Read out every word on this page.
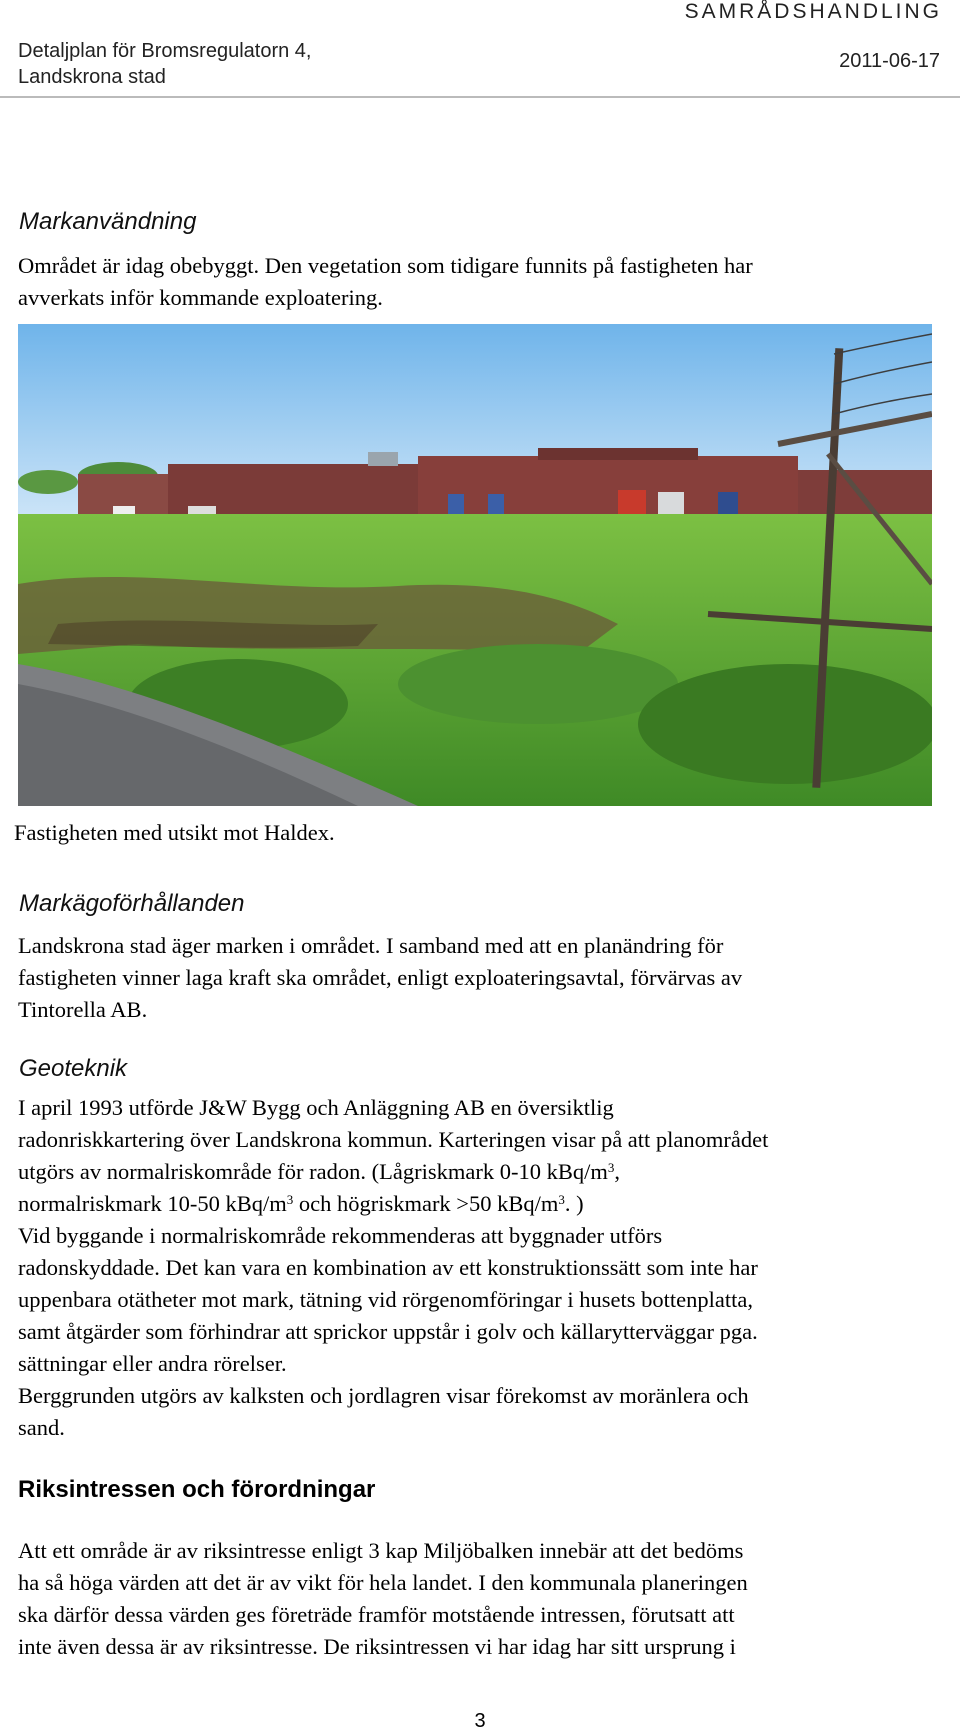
SAMRÅDSHANDLING
Detaljplan för Bromsregulatorn 4,
Landskrona stad
2011-06-17
Markanvändning
Området är idag obebyggt. Den vegetation som tidigare funnits på fastigheten har
avverkats inför kommande exploatering.
Fastigheten med utsikt mot Haldex.
Markägoförhållanden
Landskrona stad äger marken i området. I samband med att en planändring för
fastigheten vinner laga kraft ska området, enligt exploateringsavtal, förvärvas av
Tintorella AB.
Geoteknik
I april 1993 utförde J&W Bygg och Anläggning AB en översiktlig
radonriskkartering över Landskrona kommun. Karteringen visar på att planområdet
utgörs av normalriskområde för radon. (Lågriskmark 0-10 kBq/$m^3$,
normalriskmark 10-50 kBq/$m^3$ och högriskmark >50 kBq/$m^3$. )
Vid byggande i normalriskområde rekommenderas att byggnader utförs
radonskyddade. Det kan vara en kombination av ett konstruktionssätt som inte har
uppenbara otätheter mot mark, tätning vid rörgenomföringar i husets bottenplatta,
samt åtgärder som förhindrar att sprickor uppstår i golv och källarytterväggar pga.
sättningar eller andra rörelser.
Berggrunden utgörs av kalksten och jordlagren visar förekomst av moränlera och
sand.
Riksintressen och förordningar
Att ett område är av riksintresse enligt 3 kap Miljöbalken innebär att det bedöms
ha så höga värden att det är av vikt för hela landet. I den kommunala planeringen
ska därför dessa värden ges företräde framför motstående intressen, förutsatt att
inte även dessa är av riksintresse. De riksintressen vi har idag har sitt ursprung i
3
